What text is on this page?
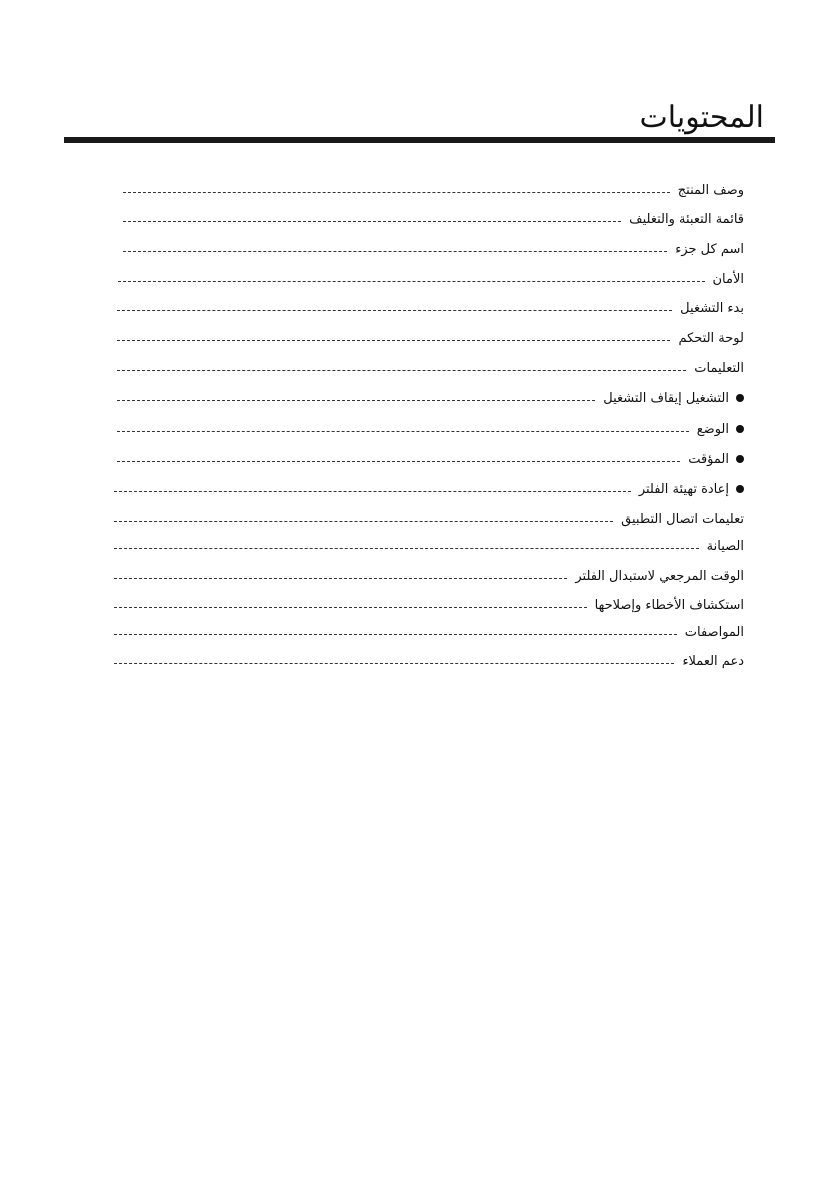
المحتويات
وصف المنتج
قائمة التعبئة والتغليف
اسم كل جزء
الأمان
بدء التشغيل
لوحة التحكم
التعليمات
التشغيل إيقاف التشغيل
الوضع
المؤقت
إعادة تهيئة الفلتر
تعليمات اتصال التطبيق
الصيانة
الوقت المرجعي لاستبدال الفلتر
استكشاف الأخطاء وإصلاحها
المواصفات
دعم العملاء
